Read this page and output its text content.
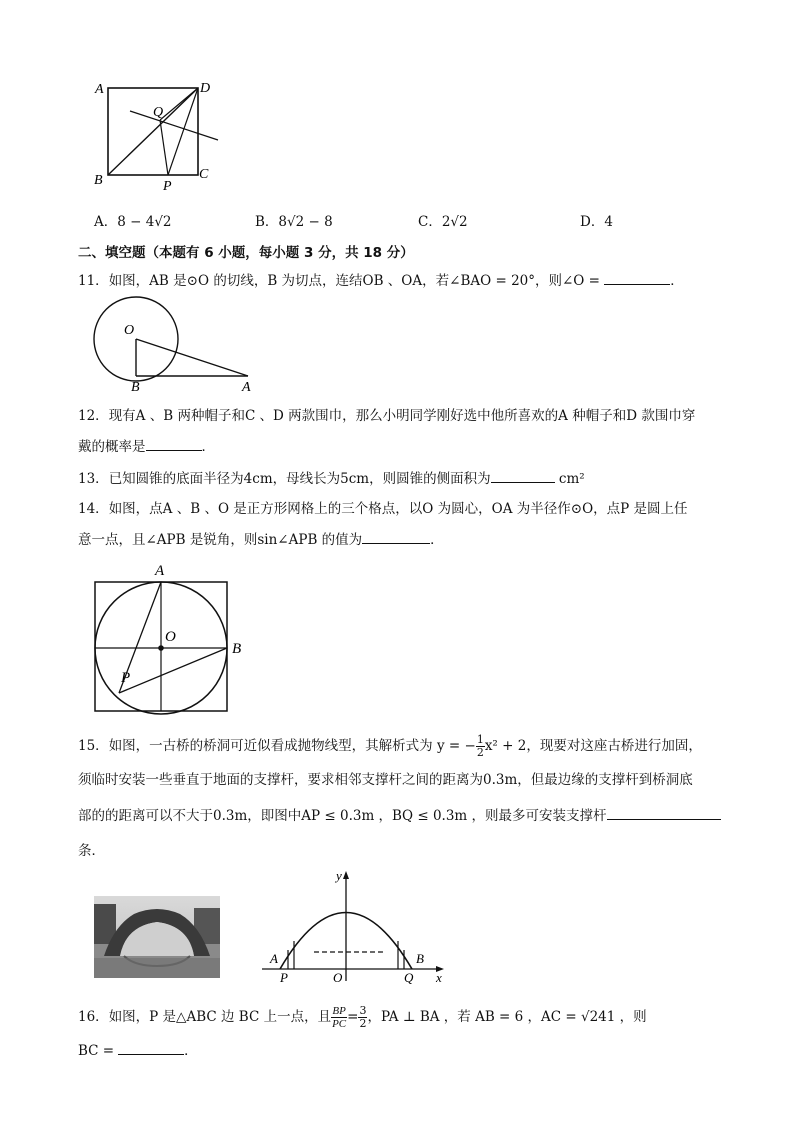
A	D
Q
B	C
P
A．8 − 4√2	B．8√2 − 8	C．2√2	D．4
二、填空题（本题有 6 小题，每小题 3 分，共 18 分）
11．如图，AB 是⊙O 的切线，B 为切点，连结OB 、OA，若∠BAO = 20°，则∠O =	．
O
B	A
12．现有A 、B 两种帽子和C 、D 两款围巾，那么小明同学刚好选中他所喜欢的A 种帽子和D 款围巾穿
戴的概率是	．
13．已知圆锥的底面半径为4cm，母线长为5cm，则圆锥的侧面积为	cm²
14．如图，点A 、B 、O 是正方形网格上的三个格点，以O 为圆心，OA 为半径作⊙O，点P 是圆上任
意一点，且∠APB 是锐角，则sin∠APB 的值为	．
A
O
B
P
15．如图，一古桥的桥洞可近似看成抛物线型，其解析式为 y = − $\frac{1}{2} x^2 + 2$，现要对这座古桥进行加固，
须临时安装一些垂直于地面的支撑杆，要求相邻支撑杆之间的距离为0.3m，但最边缘的支撑杆到桥洞底
部的的距离可以不大于0.3m，即图中AP ≤ 0.3m ，BQ ≤ 0.3m ，则最多可安装支撑杆
条．
y
x
A
P	O	Q
B
16．如图，P 是△ABC 边 BC 上一点，且 $\frac{BP}{PC} = \frac{3}{2}$ ，PA ⊥ BA ，若 AB = 6 ，AC = √241 ，则
BC =	．
